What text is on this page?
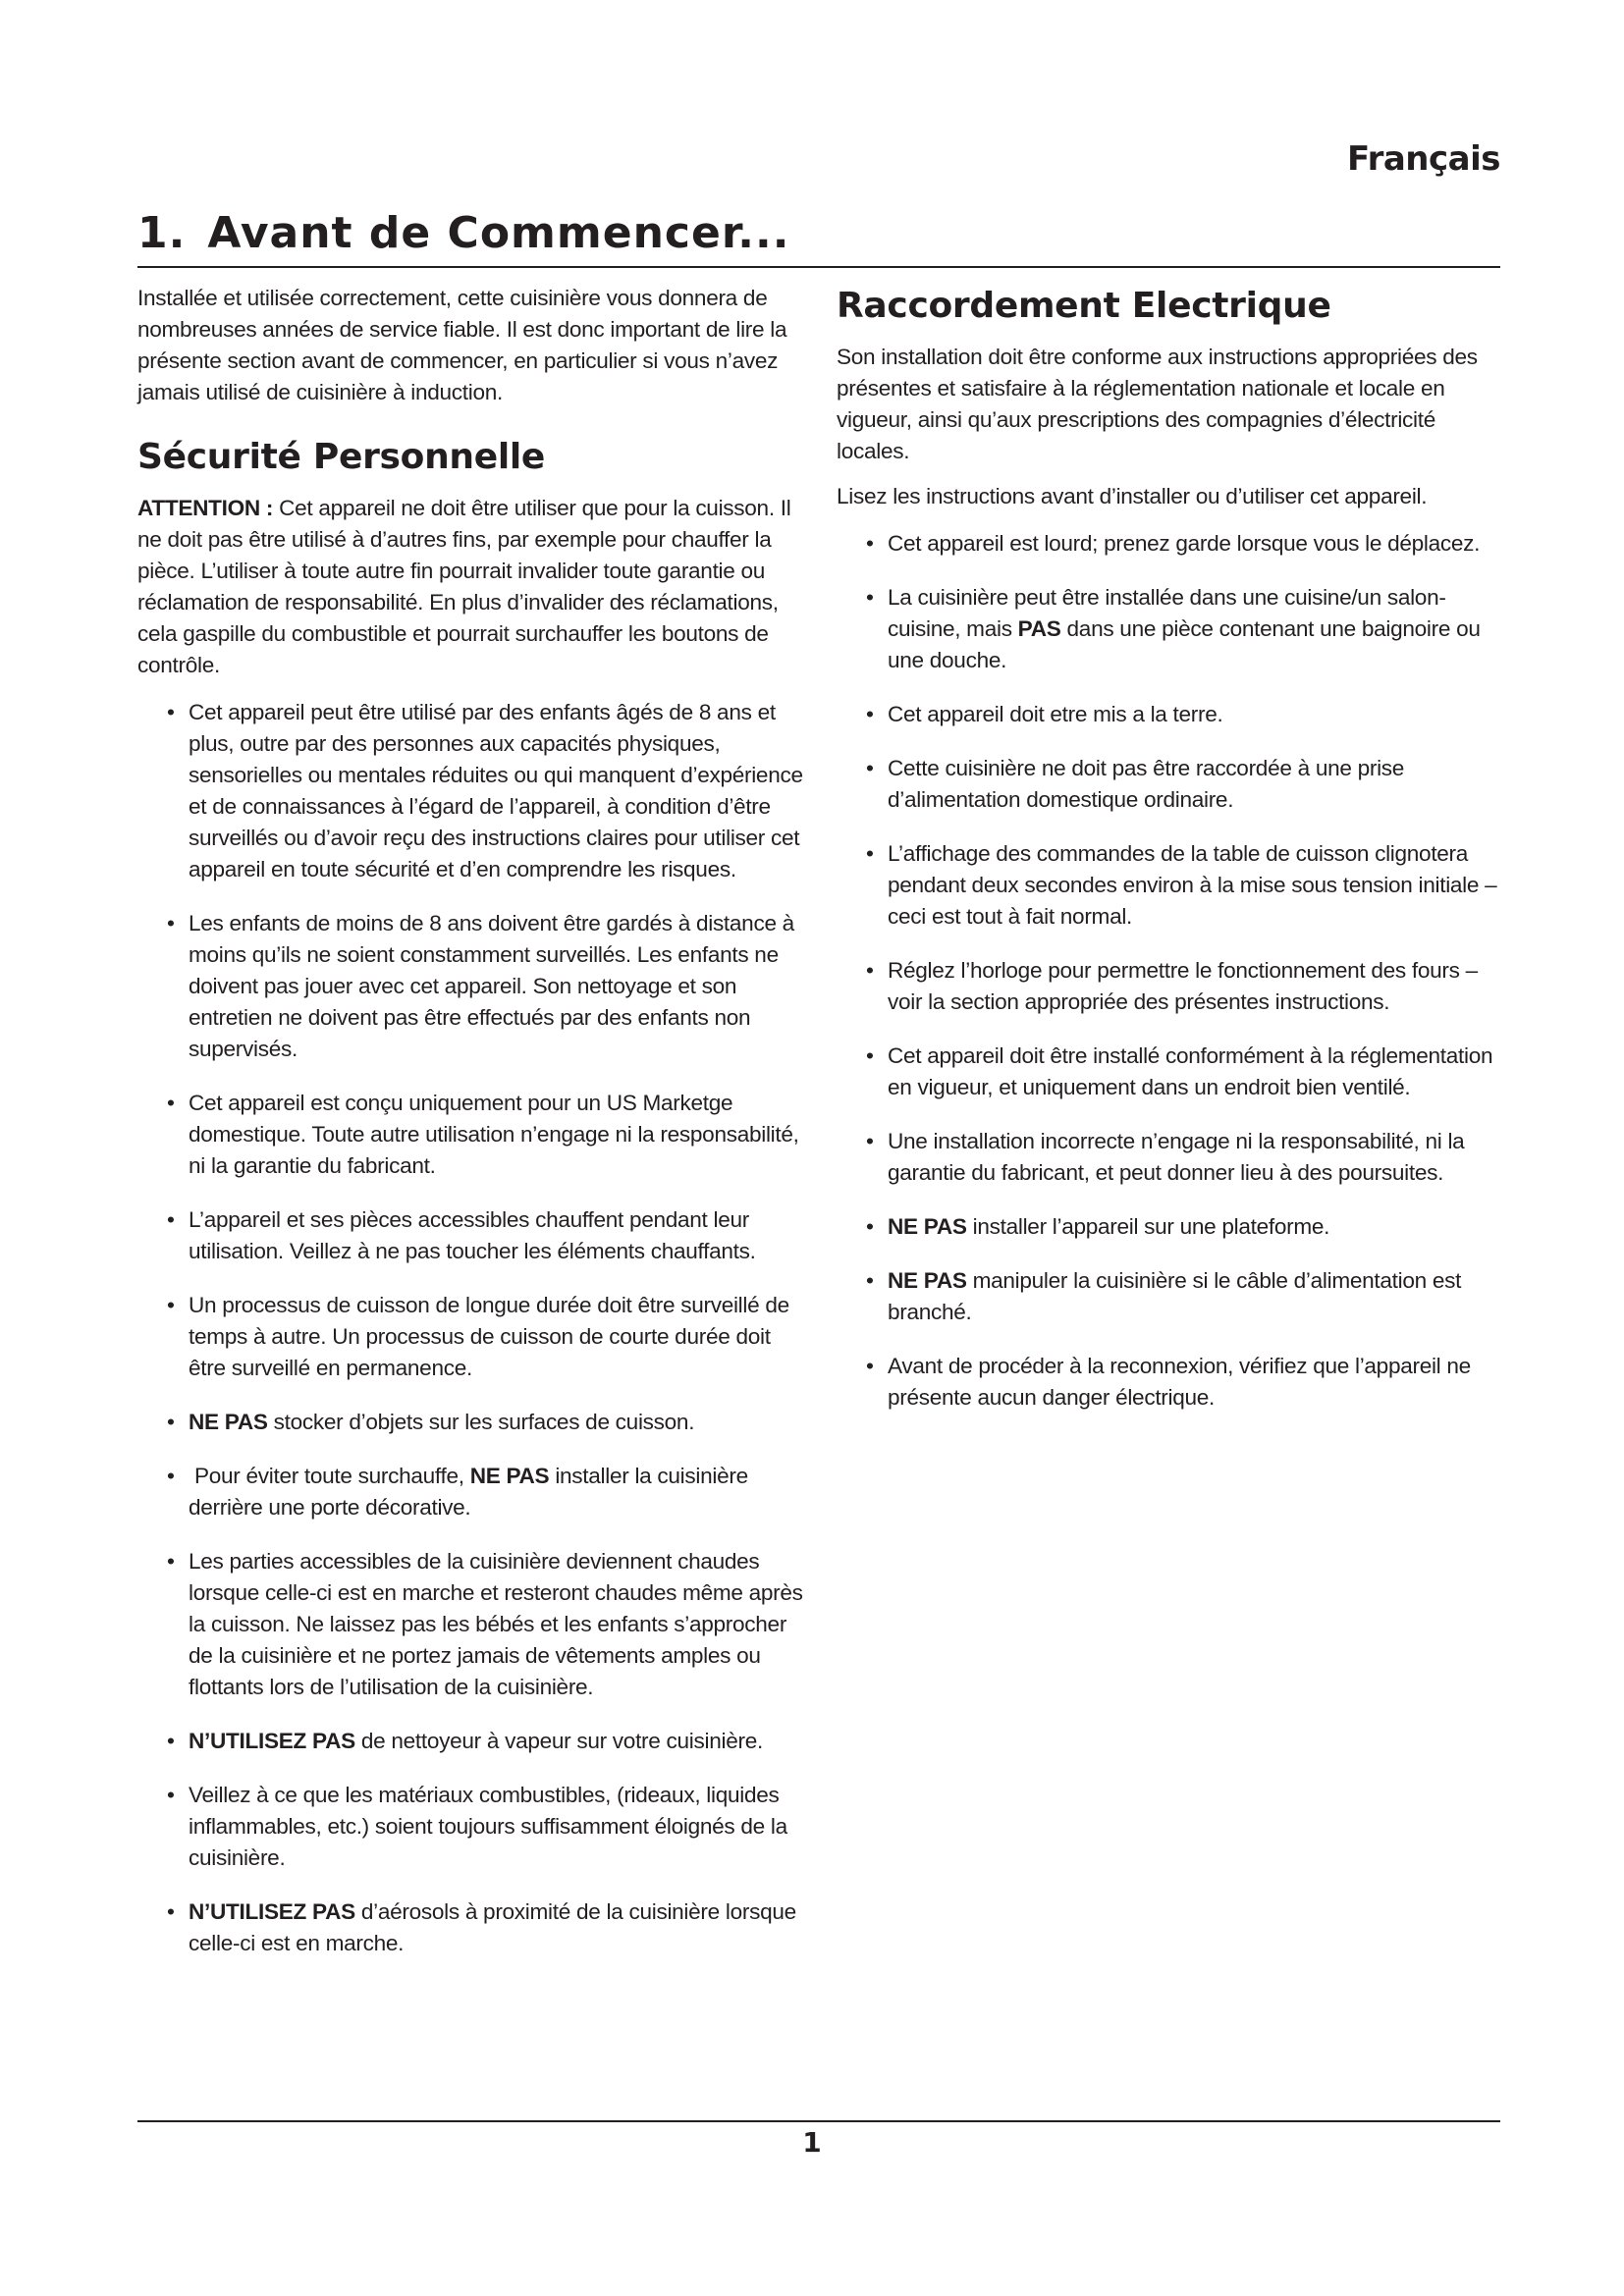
Français
1. Avant de Commencer...

Installée et utilisée correctement, cette cuisinière vous donnera de nombreuses années de service fiable. Il est donc important de lire la présente section avant de commencer, en particulier si vous n’avez jamais utilisé de cuisinière à induction.

Sécurité Personnelle

ATTENTION : Cet appareil ne doit être utiliser que pour la cuisson. Il ne doit pas être utilisé à d’autres fins, par exemple pour chauffer la pièce. L’utiliser à toute autre fin pourrait invalider toute garantie ou réclamation de responsabilité. En plus d’invalider des réclamations, cela gaspille du combustible et pourrait surchauffer les boutons de contrôle.

• Cet appareil peut être utilisé par des enfants âgés de 8 ans et plus, outre par des personnes aux capacités physiques, sensorielles ou mentales réduites ou qui manquent d’expérience et de connaissances à l’égard de l’appareil, à condition d’être surveillés ou d’avoir reçu des instructions claires pour utiliser cet appareil en toute sécurité et d’en comprendre les risques.
• Les enfants de moins de 8 ans doivent être gardés à distance à moins qu’ils ne soient constamment surveillés. Les enfants ne doivent pas jouer avec cet appareil. Son nettoyage et son entretien ne doivent pas être effectués par des enfants non supervisés.
• Cet appareil est conçu uniquement pour un US Marketge domestique. Toute autre utilisation n’engage ni la responsabilité, ni la garantie du fabricant.
• L’appareil et ses pièces accessibles chauffent pendant leur utilisation. Veillez à ne pas toucher les éléments chauffants.
• Un processus de cuisson de longue durée doit être surveillé de temps à autre. Un processus de cuisson de courte durée doit être surveillé en permanence.
• NE PAS stocker d’objets sur les surfaces de cuisson.
• Pour éviter toute surchauffe, NE PAS installer la cuisinière derrière une porte décorative.
• Les parties accessibles de la cuisinière deviennent chaudes lorsque celle-ci est en marche et resteront chaudes même après la cuisson. Ne laissez pas les bébés et les enfants s’approcher de la cuisinière et ne portez jamais de vêtements amples ou flottants lors de l’utilisation de la cuisinière.
• N’UTILISEZ PAS de nettoyeur à vapeur sur votre cuisinière.
• Veillez à ce que les matériaux combustibles, (rideaux, liquides inflammables, etc.) soient toujours suffisamment éloignés de la cuisinière.
• N’UTILISEZ PAS d’aérosols à proximité de la cuisinière lorsque celle-ci est en marche.
Raccordement Electrique

Son installation doit être conforme aux instructions appropriées des présentes et satisfaire à la réglementation nationale et locale en vigueur, ainsi qu’aux prescriptions des compagnies d’électricité locales.

Lisez les instructions avant d’installer ou d’utiliser cet appareil.

• Cet appareil est lourd; prenez garde lorsque vous le déplacez.
• La cuisinière peut être installée dans une cuisine/un salon-cuisine, mais PAS dans une pièce contenant une baignoire ou une douche.
• Cet appareil doit etre mis a la terre.
• Cette cuisinière ne doit pas être raccordée à une prise d’alimentation domestique ordinaire.
• L’affichage des commandes de la table de cuisson clignotera pendant deux secondes environ à la mise sous tension initiale – ceci est tout à fait normal.
• Réglez l’horloge pour permettre le fonctionnement des fours – voir la section appropriée des présentes instructions.
• Cet appareil doit être installé conformément à la réglementation en vigueur, et uniquement dans un endroit bien ventilé.
• Une installation incorrecte n’engage ni la responsabilité, ni la garantie du fabricant, et peut donner lieu à des poursuites.
• NE PAS installer l’appareil sur une plateforme.
• NE PAS manipuler la cuisinière si le câble d’alimentation est branché.
• Avant de procéder à la reconnexion, vérifiez que l’appareil ne présente aucun danger électrique.
1
